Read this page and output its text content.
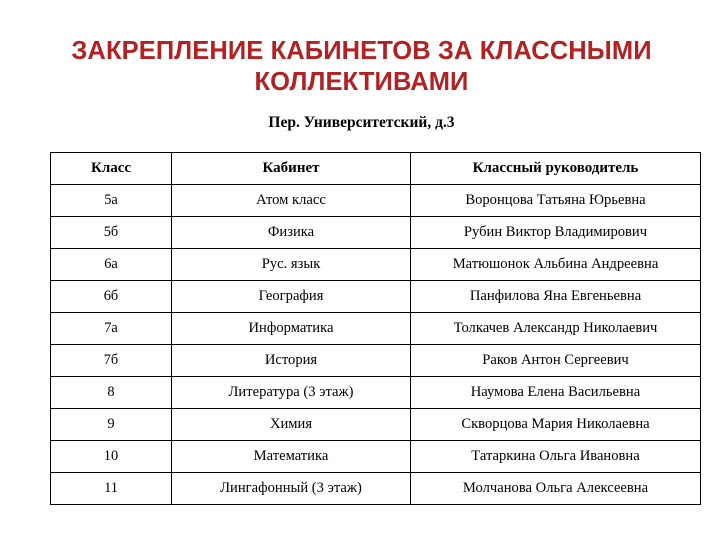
ЗАКРЕПЛЕНИЕ КАБИНЕТОВ ЗА КЛАССНЫМИ КОЛЛЕКТИВАМИ

Пер. Университетский, д.3

Класс	Кабинет	Классный руководитель
5а	Атом класс	Воронцова Татьяна Юрьевна
5б	Физика	Рубин Виктор Владимирович
6а	Рус. язык	Матюшонок Альбина Андреевна
6б	География	Панфилова Яна Евгеньевна
7а	Информатика	Толкачев Александр Николаевич
7б	История	Раков Антон Сергеевич
8	Литература (3 этаж)	Наумова Елена Васильевна
9	Химия	Скворцова Мария Николаевна
10	Математика	Татаркина Ольга Ивановна
11	Лингафонный (3 этаж)	Молчанова Ольга Алексеевна
